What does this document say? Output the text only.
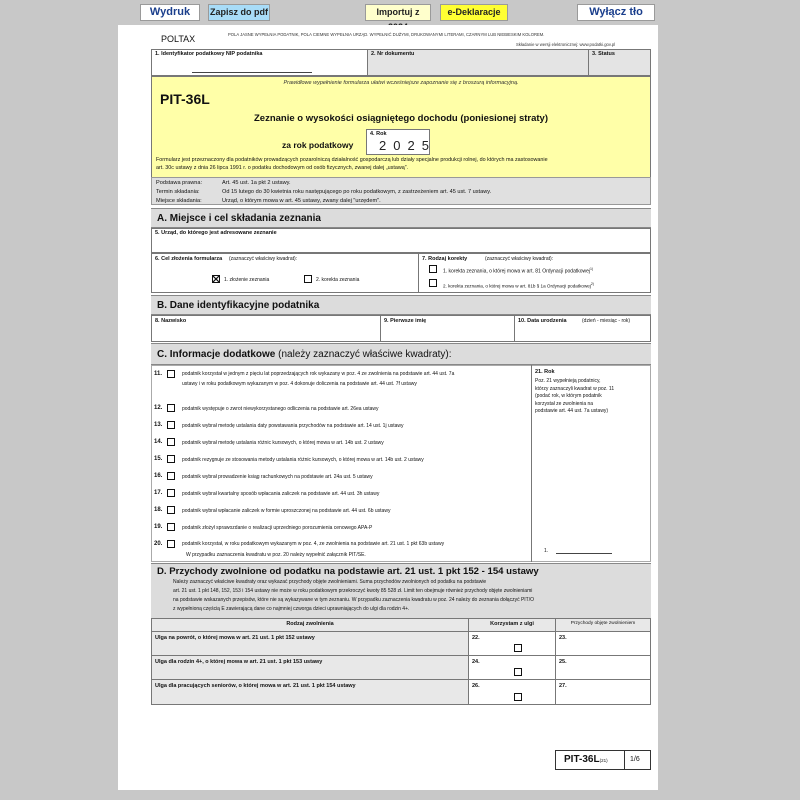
Wydruk	Zapisz do pdf	Importuj z	e-Deklaracje	Wyłącz tło
POLTAX	POLA JASNE WYPEŁNIA PODATNIK, POLA CIEMNE WYPEŁNIA URZĄD. WYPEŁNIĆ DUŻYMI, DRUKOWANYMI LITERAMI, CZARNYM LUB NIEBIESKIM KOLOREM.
Składanie w wersji elektronicznej: www.podatki.gov.pl
1. Identyfikator podatkowy NIP podatnika	2. Nr dokumentu	3. Status
Prawidłowe wypełnienie formularza ułatwi wcześniejsze zapoznanie się z broszurą informacyjną.
PIT-36L
Zeznanie o wysokości osiągniętego dochodu (poniesionej straty)
za rok podatkowy
4. Rok
2025
Formularz jest przeznaczony dla podatników prowadzących pozarolniczą działalność gospodarczą lub działy specjalne produkcji rolnej, do których ma zastosowanie
art. 30c ustawy z dnia 26 lipca 1991 r. o podatku dochodowym od osób fizycznych, zwanej dalej „ustawą”.
Podstawa prawna:	Art. 45 ust. 1a pkt 2 ustawy.
Termin składania:	Od 15 lutego do 30 kwietnia roku następującego po roku podatkowym, z zastrzeżeniem art. 45 ust. 7 ustawy.
Miejsce składania:	Urząd, o którym mowa w art. 45 ustawy, zwany dalej "urzędem".
A. Miejsce i cel składania zeznania
5. Urząd, do którego jest adresowane zeznanie
6. Cel złożenia formularza (zaznaczyć właściwy kwadrat):
1. złożenie zeznania	2. korekta zeznania
7. Rodzaj korekty	(zaznaczyć właściwy kwadrat):
1. korekta zeznania, o której mowa w art. 81 Ordynacji podatkowej$^{1)}$
2. korekta zeznania, o której mowa w art. 81b § 1a Ordynacji podatkowej$^{2)}$
B. Dane identyfikacyjne podatnika
8. Nazwisko	9. Pierwsze imię	10. Data urodzenia	(dzień - miesiąc - rok)
C. Informacje dodatkowe (należy zaznaczyć właściwe kwadraty):
21. Rok
Poz. 21 wypełnieją podatnicy,
którzy zaznaczyli kwadrat w poz. 11
(podać rok, w którym podatnik
korzystał ze zwolnienia na
podstawie art. 44 ust. 7a ustawy)
1.
11.	podatnik korzystał w jednym z pięciu lat poprzedzających rok wykazany w poz. 4 ze zwolnienia na podstawie art. 44 ust. 7a
ustawy i w roku podatkowym wykazanym w poz. 4 dokonuje doliczenia na podstawie art. 44 ust. 7f ustawy
12.	podatnik występuje o zwrot niewykorzystanego odliczenia na podstawie art. 26ea ustawy
13.	podatnik wybrał metodę ustalania daty powstawania przychodów na podstawie art. 14 ust. 1j ustawy
14.	podatnik wybrał metodę ustalania różnic kursowych, o której mowa w art. 14b ust. 2 ustawy
15.	podatnik rezygnuje ze stosowania metody ustalania różnic kursowych, o której mowa w art. 14b ust. 2 ustawy
16.	podatnik wybrał prowadzenie ksiąg rachunkowych na podstawie art. 24a ust. 5 ustawy
17.	podatnik wybrał kwartalny sposób wpłacania zaliczek na podstawie art. 44 ust. 3h ustawy
18.	podatnik wybrał wpłacanie zaliczek w formie uproszczonej na podstawie art. 44 ust. 6b ustawy
19.	podatnik złożył sprawozdanie o realizacji uprzedniego porozumienia cenowego APA-P
20.	podatnik korzystał, w roku podatkowym wykazanym w poz. 4, ze zwolnienia na podstawie art. 21 ust. 1 pkt 63b ustawy
W przypadku zaznaczenia kwadratu w poz. 20 należy wypełnić załącznik PIT/SE.
D. Przychody zwolnione od podatku na podstawie art. 21 ust. 1 pkt 152 - 154 ustawy
Należy zaznaczyć właściwe kwadraty oraz wykazać przychody objęte zwolnieniami. Suma przychodów zwolnionych od podatku na podstawie
art. 21 ust. 1 pkt 148, 152, 153 i 154 ustawy nie może w roku podatkowym przekroczyć kwoty 85 528 zł. Limit ten obejmuje również przychody objęte zwolnieniami
na podstawie wskazanych przepisów, które nie są wykazywane w tym zeznaniu. W przypadku zaznaczenia kwadratu w poz. 24 należy do zeznania dołączyć PIT/O
z wypełnioną częścią E zawierającą dane co najmniej czworga dzieci uprawniających do ulgi dla rodzin 4+.
Rodzaj zwolnienia	Korzystam z ulgi	Przychody objęte zwolnieniem
Ulga na powrót, o której mowa w art. 21 ust. 1 pkt 152 ustawy	22.	23.
Ulga dla rodzin 4+, o której mowa w art. 21 ust. 1 pkt 153 ustawy	24.	25.
Ulga dla pracujących seniorów, o której mowa w art. 21 ust. 1 pkt 154 ustawy	26.	27.
PIT-36L(21)	1/6
